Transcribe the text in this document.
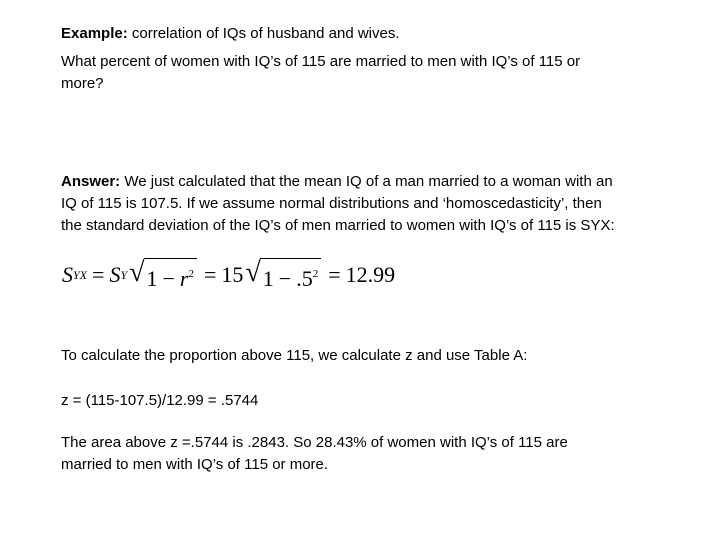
Example: correlation of IQs of husband and wives.
What percent of women with IQ’s of 115 are married to men with IQ’s of 115 or
more?
Answer: We just calculated that the mean IQ of a man married to a woman with an
IQ of 115 is 107.5. If we assume normal distributions and ‘homoscedasticity’, then
the standard deviation of the IQ’s of men married to women with IQ’s of 115 is SYX:
S YX = S Y √ $1 - r^2 = 15$ √ $1 - .5^2 = 12.99$
To calculate the proportion above 115, we calculate z and use Table A:
z = (115-107.5)/12.99 = .5744
The area above z =.5744 is .2843. So 28.43% of women with IQ’s of 115 are
married to men with IQ’s of 115 or more.
